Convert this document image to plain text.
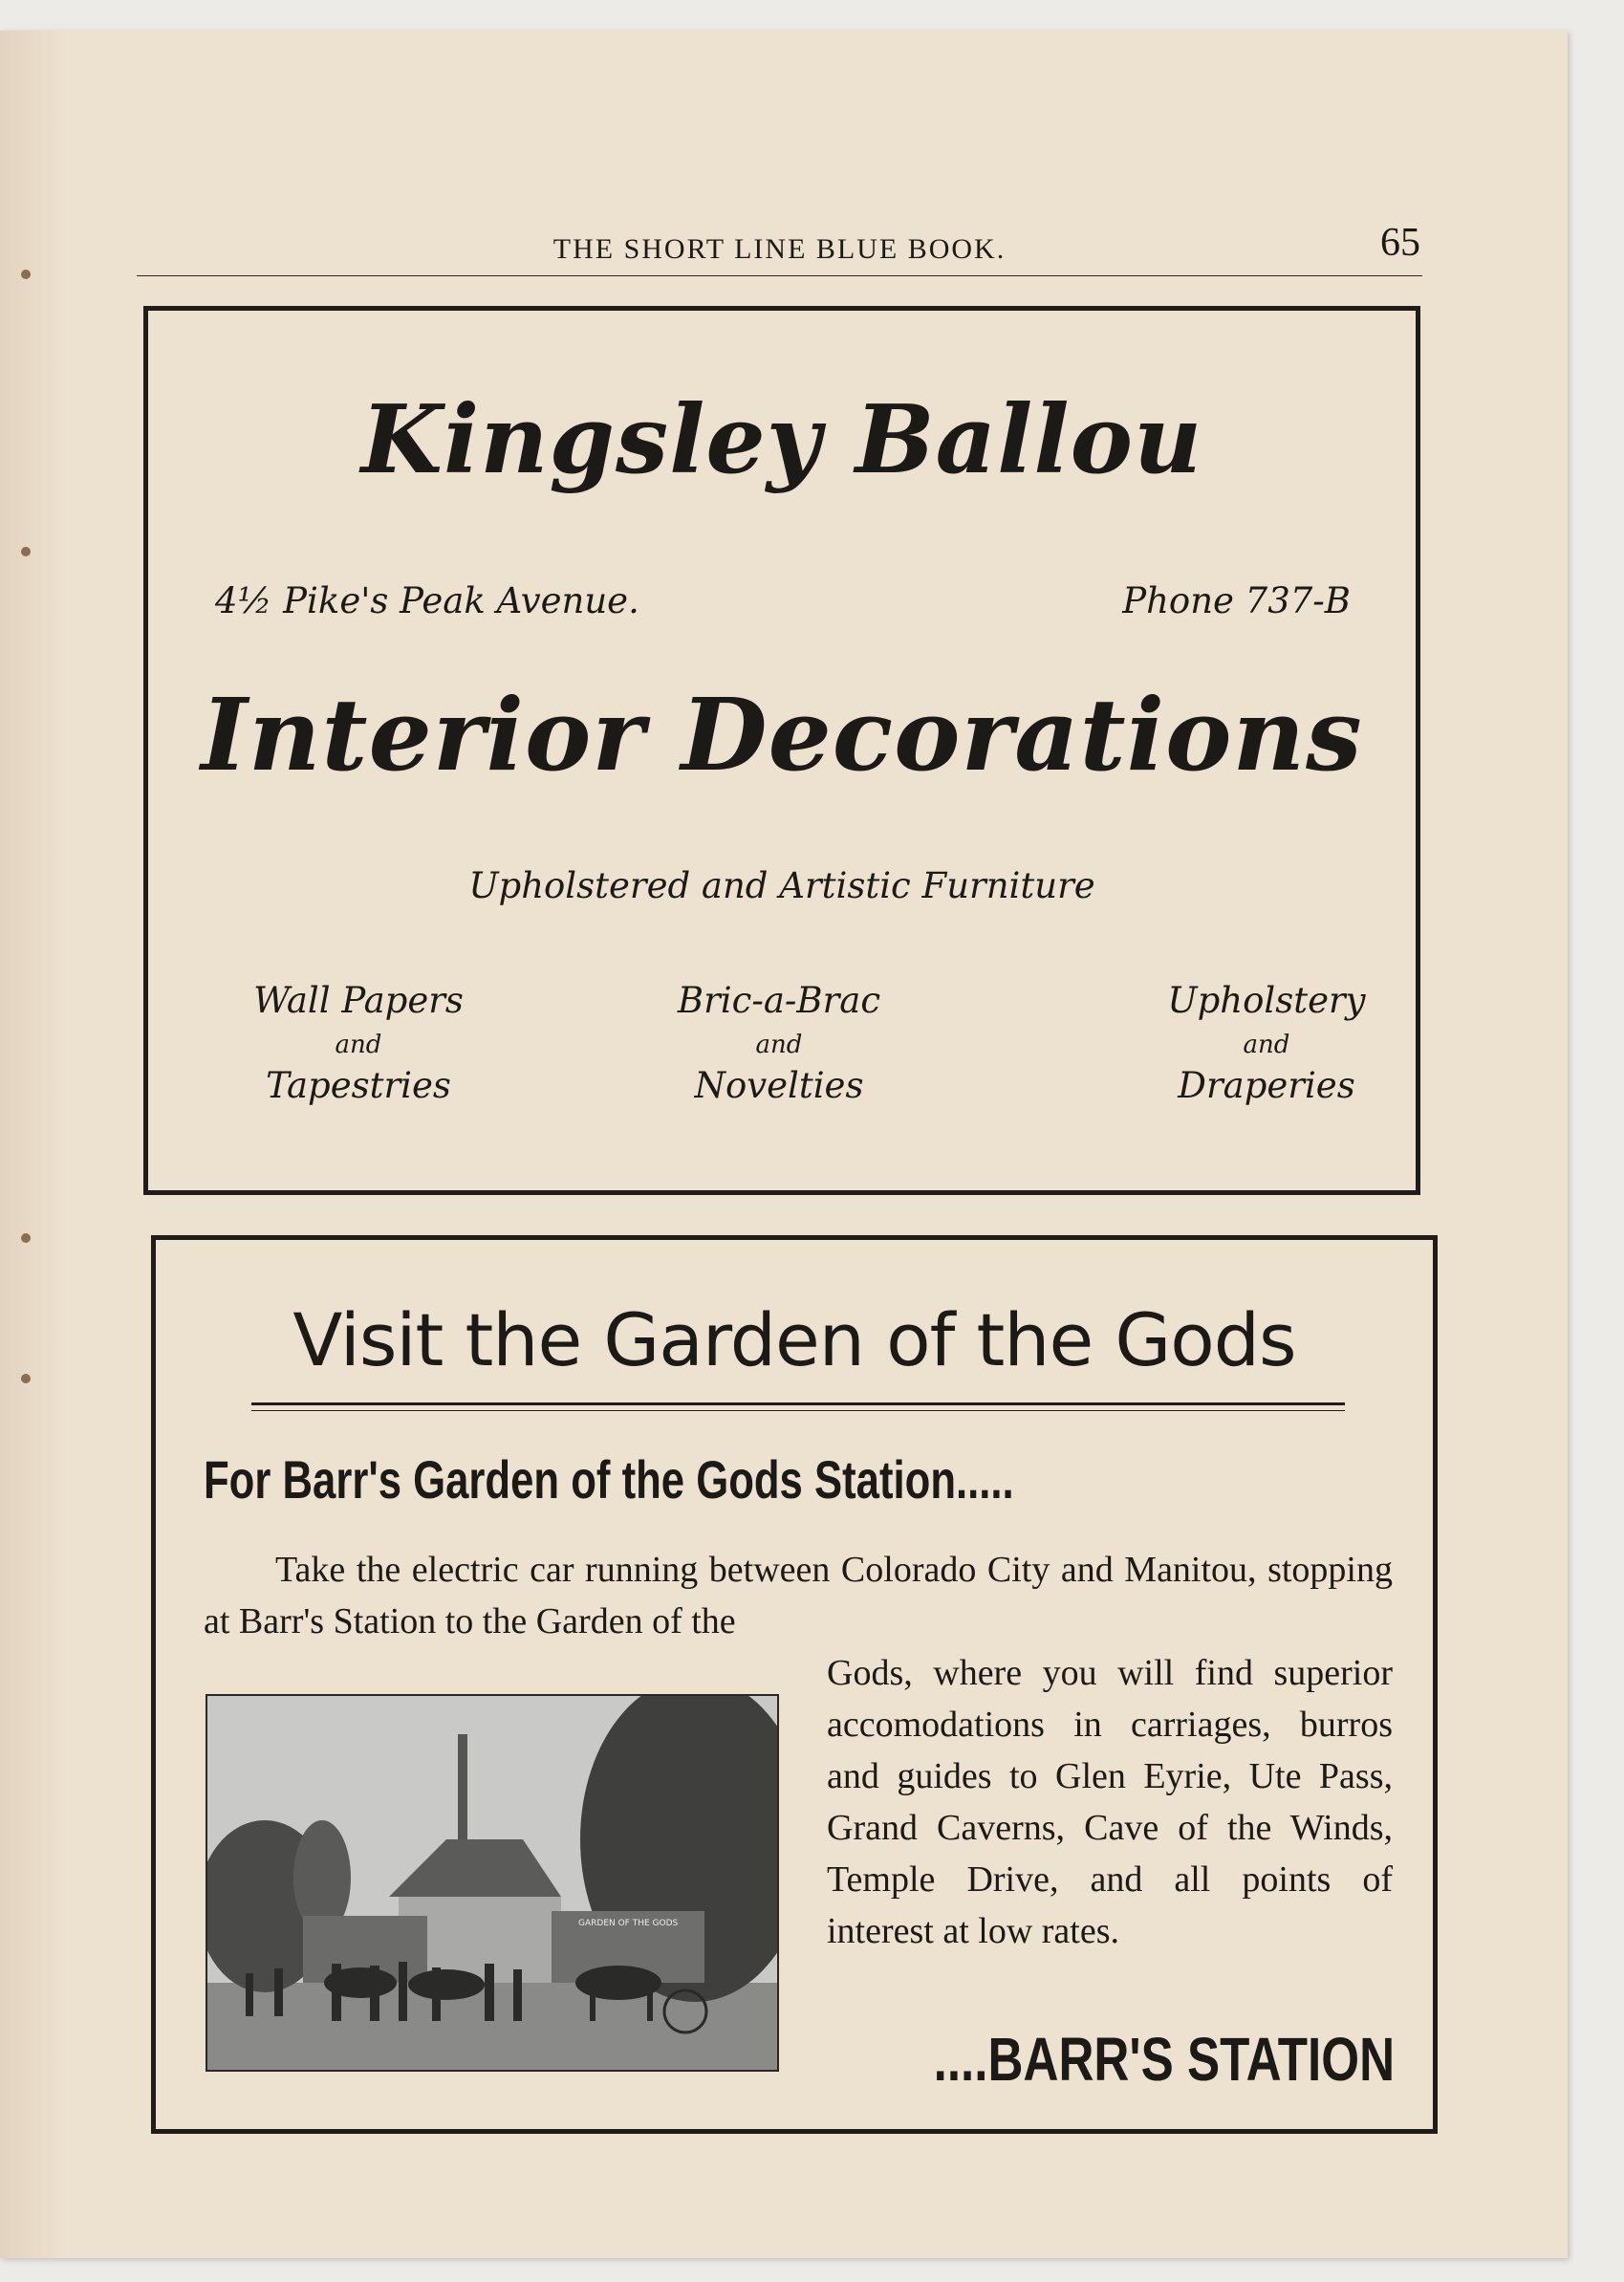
THE SHORT LINE BLUE BOOK.	65
Kingsley Ballou
4½ Pike's Peak Avenue.	Phone 737-B
Interior Decorations
Upholstered and Artistic Furniture
Wall Papers
and
Tapestries
Bric-a-Brac
and
Novelties
Upholstery
and
Draperies
Visit the Garden of the Gods
For Barr's Garden of the Gods Station.....
Take the electric car running between Colorado City and Manitou, stopping at Barr's Station to the Garden of the
GARDEN OF THE GODS
Gods, where you will find superior accomodations in carriages, burros and guides to Glen Eyrie, Ute Pass, Grand Caverns, Cave of the Winds, Temple Drive, and all points of interest at low rates.
....BARR'S STATION
